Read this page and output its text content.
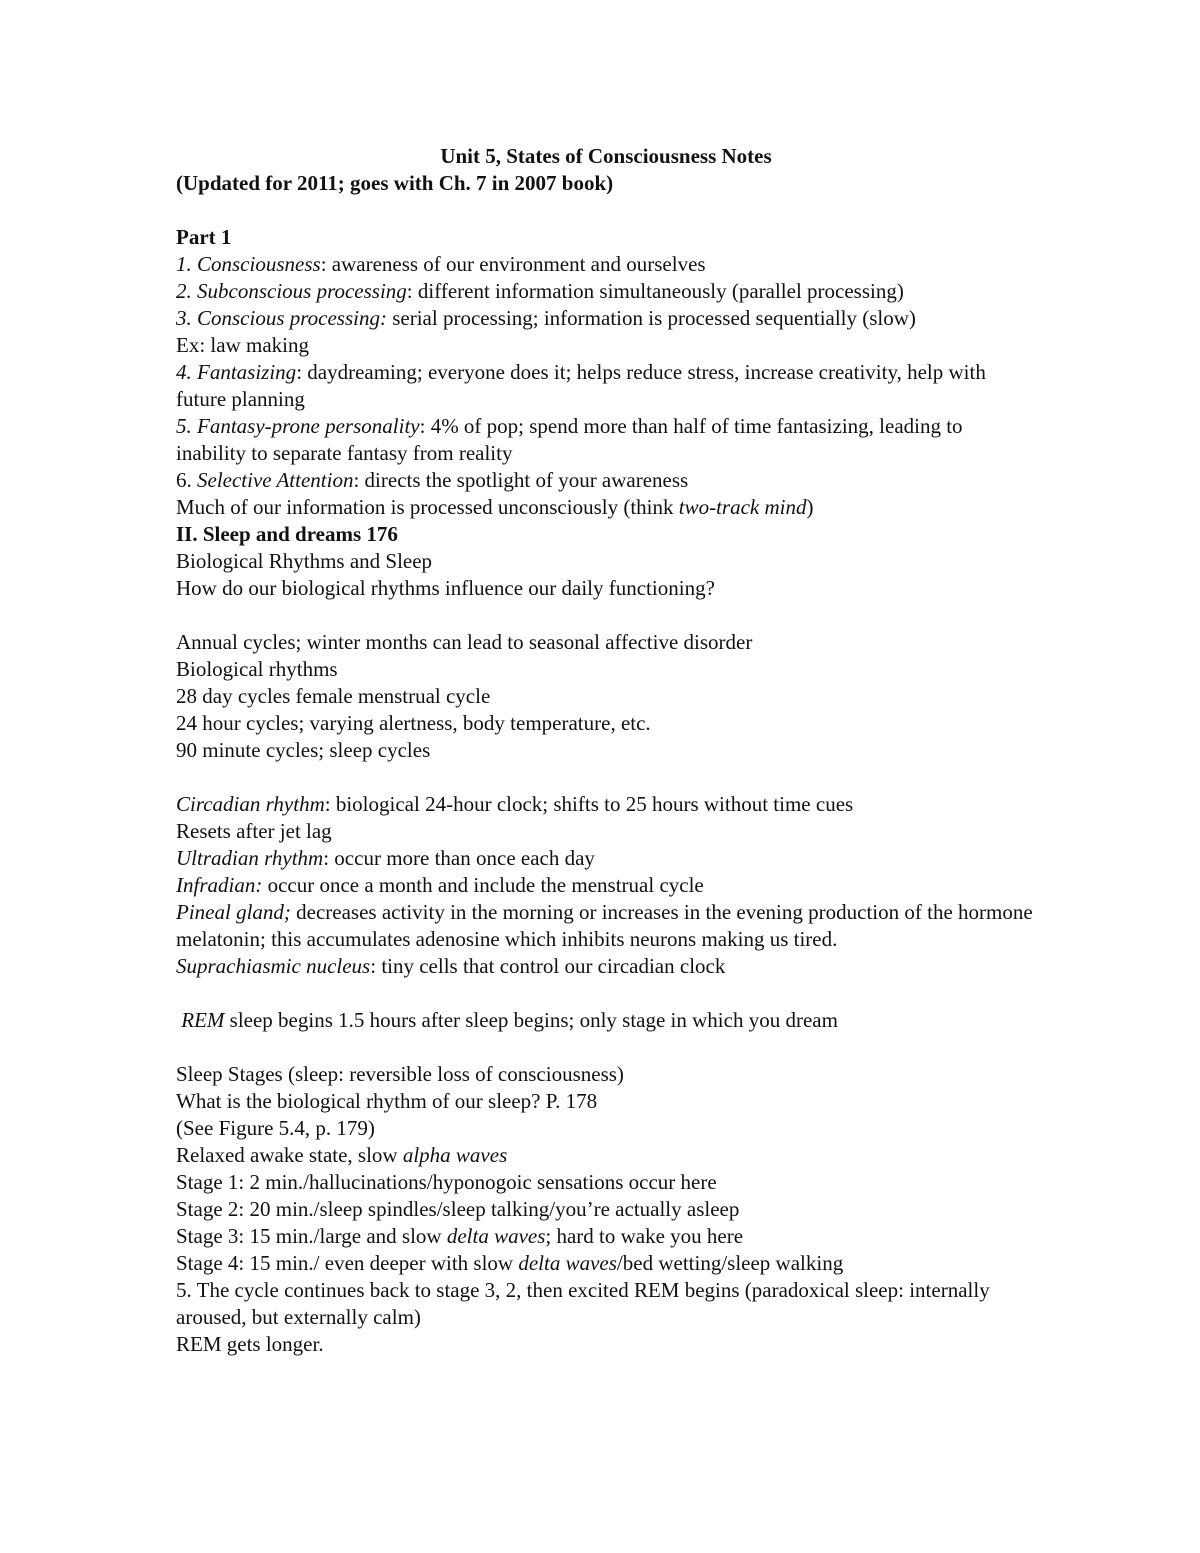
Unit 5, States of Consciousness Notes
(Updated for 2011; goes with Ch. 7 in 2007 book)
Part 1
1. Consciousness: awareness of our environment and ourselves
2. Subconscious processing: different information simultaneously (parallel processing)
3. Conscious processing: serial processing; information is processed sequentially (slow)
Ex: law making
4. Fantasizing: daydreaming; everyone does it; helps reduce stress, increase creativity, help with future planning
5. Fantasy-prone personality: 4% of pop; spend more than half of time fantasizing, leading to inability to separate fantasy from reality
6. Selective Attention: directs the spotlight of your awareness
Much of our information is processed unconsciously (think two-track mind)
II. Sleep and dreams 176
Biological Rhythms and Sleep
How do our biological rhythms influence our daily functioning?
Annual cycles; winter months can lead to seasonal affective disorder
Biological rhythms
28 day cycles female menstrual cycle
24 hour cycles; varying alertness, body temperature, etc.
90 minute cycles; sleep cycles
Circadian rhythm: biological 24-hour clock; shifts to 25 hours without time cues
Resets after jet lag
Ultradian rhythm: occur more than once each day
Infradian: occur once a month and include the menstrual cycle
Pineal gland; decreases activity in the morning or increases in the evening production of the hormone melatonin; this accumulates adenosine which inhibits neurons making us tired.
Suprachiasmic nucleus: tiny cells that control our circadian clock
REM sleep begins 1.5 hours after sleep begins; only stage in which you dream
Sleep Stages (sleep: reversible loss of consciousness)
What is the biological rhythm of our sleep? P. 178
(See Figure 5.4, p. 179)
Relaxed awake state, slow alpha waves
Stage 1: 2 min./hallucinations/hyponogoic sensations occur here
Stage 2: 20 min./sleep spindles/sleep talking/you’re actually asleep
Stage 3: 15 min./large and slow delta waves; hard to wake you here
Stage 4: 15 min./ even deeper with slow delta waves/bed wetting/sleep walking
5. The cycle continues back to stage 3, 2, then excited REM begins (paradoxical sleep: internally aroused, but externally calm)
REM gets longer.
